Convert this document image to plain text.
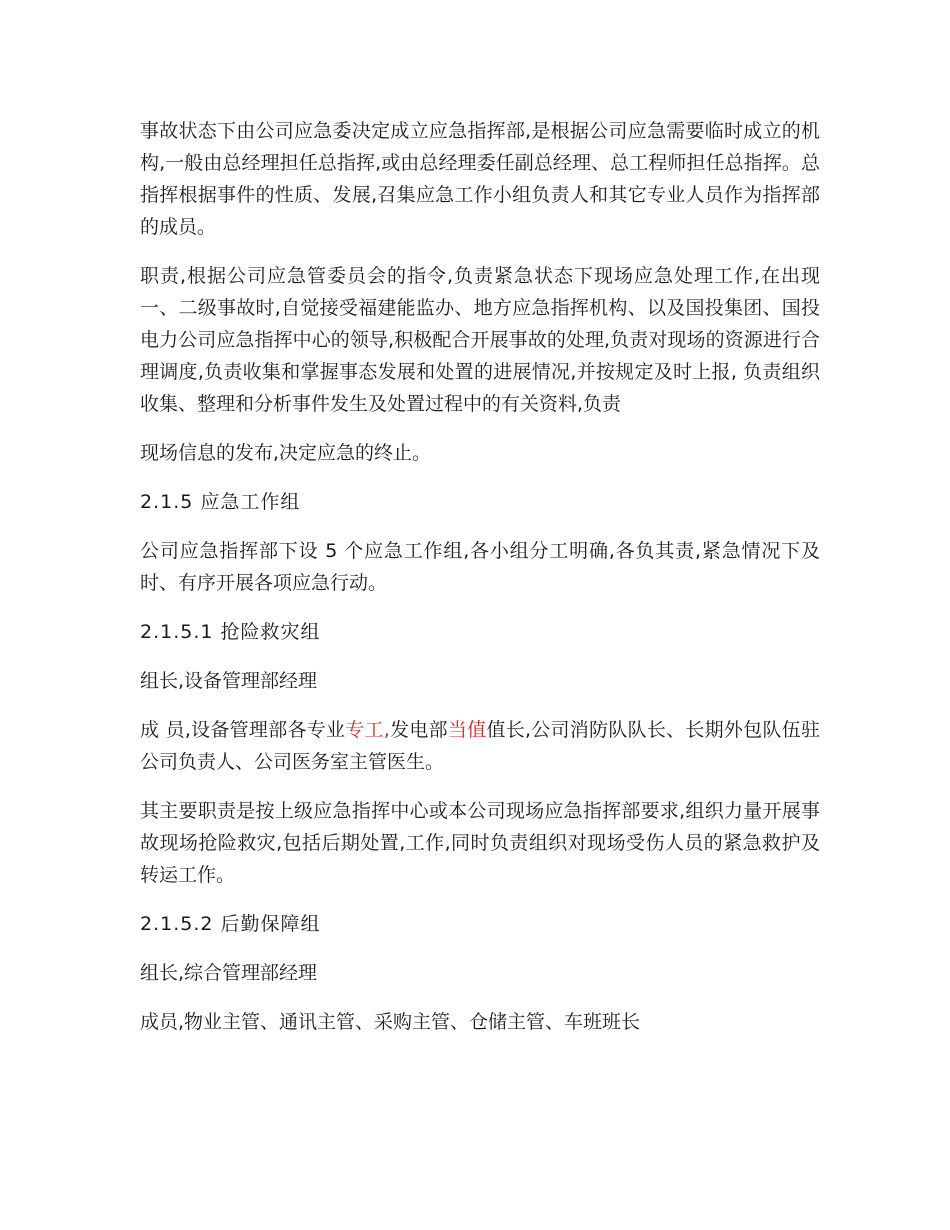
事故状态下由公司应急委决定成立应急指挥部,是根据公司应急需要临时成立的机构,一般由总经理担任总指挥,或由总经理委任副总经理、总工程师担任总指挥。总指挥根据事件的性质、发展,召集应急工作小组负责人和其它专业人员作为指挥部的成员。

职责,根据公司应急管委员会的指令,负责紧急状态下现场应急处理工作,在出现一、二级事故时,自觉接受福建能监办、地方应急指挥机构、以及国投集团、国投电力公司应急指挥中心的领导,积极配合开展事故的处理,负责对现场的资源进行合理调度,负责收集和掌握事态发展和处置的进展情况,并按规定及时上报, 负责组织收集、整理和分析事件发生及处置过程中的有关资料,负责

现场信息的发布,决定应急的终止。

2.1.5 应急工作组

公司应急指挥部下设 5 个应急工作组,各小组分工明确,各负其责,紧急情况下及时、有序开展各项应急行动。

2.1.5.1 抢险救灾组

组长,设备管理部经理

成 员,设备管理部各专业专工,发电部当值值长,公司消防队队长、长期外包队伍驻公司负责人、公司医务室主管医生。

其主要职责是按上级应急指挥中心或本公司现场应急指挥部要求,组织力量开展事故现场抢险救灾,包括后期处置,工作,同时负责组织对现场受伤人员的紧急救护及转运工作。

2.1.5.2 后勤保障组

组长,综合管理部经理

成员,物业主管、通讯主管、采购主管、仓储主管、车班班长
